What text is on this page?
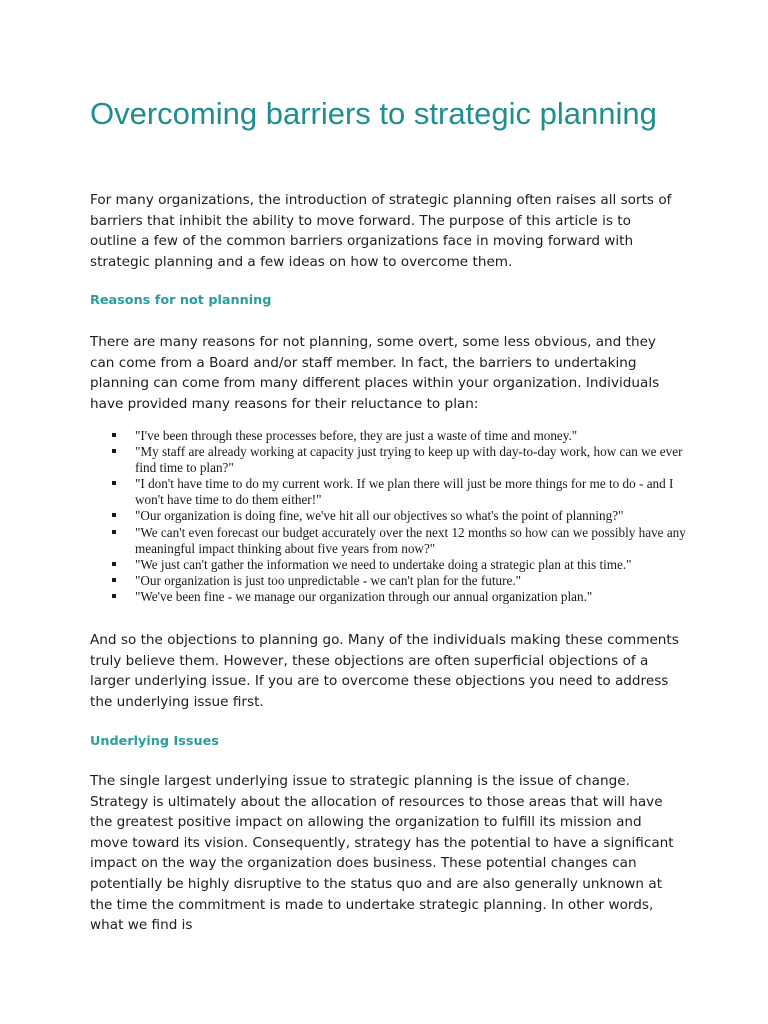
Overcoming barriers to strategic planning

For many organizations, the introduction of strategic planning often raises all sorts of barriers that inhibit the ability to move forward. The purpose of this article is to outline a few of the common barriers organizations face in moving forward with strategic planning and a few ideas on how to overcome them.

Reasons for not planning

There are many reasons for not planning, some overt, some less obvious, and they can come from a Board and/or staff member. In fact, the barriers to undertaking planning can come from many different places within your organization. Individuals have provided many reasons for their reluctance to plan:

"I've been through these processes before, they are just a waste of time and money."
"My staff are already working at capacity just trying to keep up with day-to-day work, how can we ever find time to plan?"
"I don't have time to do my current work. If we plan there will just be more things for me to do - and I won't have time to do them either!"
"Our organization is doing fine, we've hit all our objectives so what's the point of planning?"
"We can't even forecast our budget accurately over the next 12 months so how can we possibly have any meaningful impact thinking about five years from now?"
"We just can't gather the information we need to undertake doing a strategic plan at this time."
"Our organization is just too unpredictable - we can't plan for the future."
"We've been fine - we manage our organization through our annual organization plan."

And so the objections to planning go. Many of the individuals making these comments truly believe them. However, these objections are often superficial objections of a larger underlying issue. If you are to overcome these objections you need to address the underlying issue first.

Underlying Issues

The single largest underlying issue to strategic planning is the issue of change. Strategy is ultimately about the allocation of resources to those areas that will have the greatest positive impact on allowing the organization to fulfill its mission and move toward its vision. Consequently, strategy has the potential to have a significant impact on the way the organization does business. These potential changes can potentially be highly disruptive to the status quo and are also generally unknown at the time the commitment is made to undertake strategic planning. In other words, what we find is
